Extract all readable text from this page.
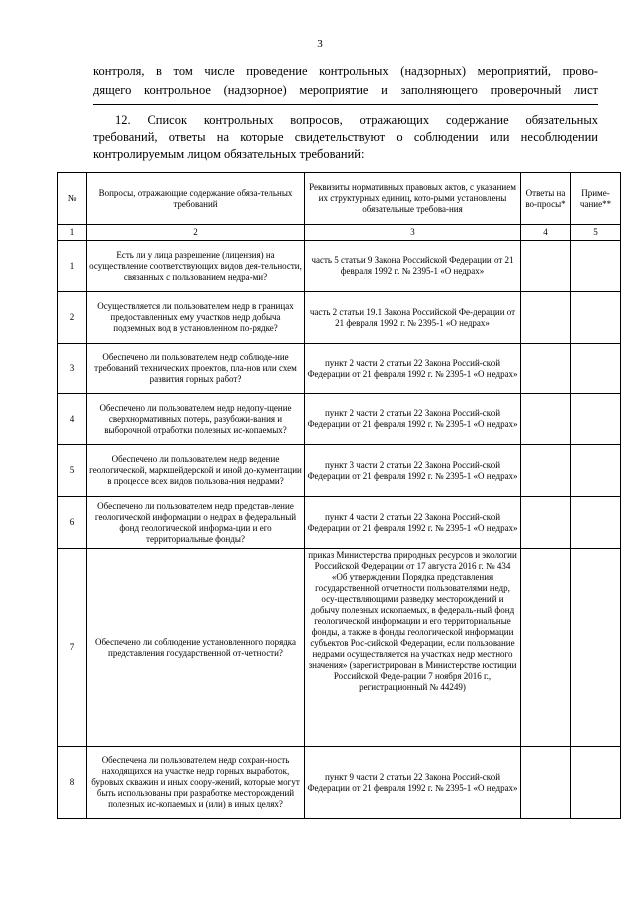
3
контроля, в том числе проведение контрольных (надзорных) мероприятий, прово-
дящего контрольное (надзорное) мероприятие и заполняющего проверочный лист
12. Список контрольных вопросов, отражающих содержание обязательных
требований, ответы на которые свидетельствуют о соблюдении или несоблюдении
контролируемым лицом обязательных требований:
№	Вопросы, отражающие содержание обяза-тельных требований	Реквизиты нормативных правовых актов, с указанием их структурных единиц, кото-рыми установлены обязательные требова-ния	Ответы на во-просы*	Приме-чание**
1	2	3	4	5
1	Есть ли у лица разрешение (лицензия) на осуществление соответствующих видов дея-тельности, связанных с пользованием недра-ми?	часть 5 статьи 9 Закона Российской Федерации от 21 февраля 1992 г. № 2395-1 «О недрах»		
2	Осуществляется ли пользователем недр в границах предоставленных ему участков недр добыча подземных вод в установленном по-рядке?	часть 2 статьи 19.1 Закона Российской Фе-дерации от 21 февраля 1992 г. № 2395-1 «О недрах»		
3	Обеспечено ли пользователем недр соблюде-ние требований технических проектов, пла-нов или схем развития горных работ?	пункт 2 части 2 статьи 22 Закона Россий-ской Федерации от 21 февраля 1992 г. № 2395-1 «О недрах»		
4	Обеспечено ли пользователем недр недопу-щение сверхнормативных потерь, разубожи-вания и выборочной отработки полезных ис-копаемых?	пункт 2 части 2 статьи 22 Закона Россий-ской Федерации от 21 февраля 1992 г. № 2395-1 «О недрах»		
5	Обеспечено ли пользователем недр ведение геологической, маркшейдерской и иной до-кументации в процессе всех видов пользова-ния недрами?	пункт 3 части 2 статьи 22 Закона Россий-ской Федерации от 21 февраля 1992 г. № 2395-1 «О недрах»		
6	Обеспечено ли пользователем недр представ-ление геологической информации о недрах в федеральный фонд геологической информа-ции и его территориальные фонды?	пункт 4 части 2 статьи 22 Закона Россий-ской Федерации от 21 февраля 1992 г. № 2395-1 «О недрах»		
7	Обеспечено ли соблюдение установленного порядка представления государственной от-четности?	приказ Министерства природных ресурсов и экологии Российской Федерации от 17 августа 2016 г. № 434 «Об утверждении Порядка представления государственной отчетности пользователями недр, осу-ществляющими разведку месторождений и добычу полезных ископаемых, в федераль-ный фонд геологической информации и его территориальные фонды, а также в фонды геологической информации субъектов Рос-сийской Федерации, если пользование недрами осуществляется на участках недр местного значения» (зарегистрирован в Министерстве юстиции Российской Феде-рации 7 ноября 2016 г., регистрационный № 44249)		
8	Обеспечена ли пользователем недр сохран-ность находящихся на участке недр горных выработок, буровых скважин и иных соору-жений, которые могут быть использованы при разработке месторождений полезных ис-копаемых и (или) в иных целях?	пункт 9 части 2 статьи 22 Закона Россий-ской Федерации от 21 февраля 1992 г. № 2395-1 «О недрах»		
